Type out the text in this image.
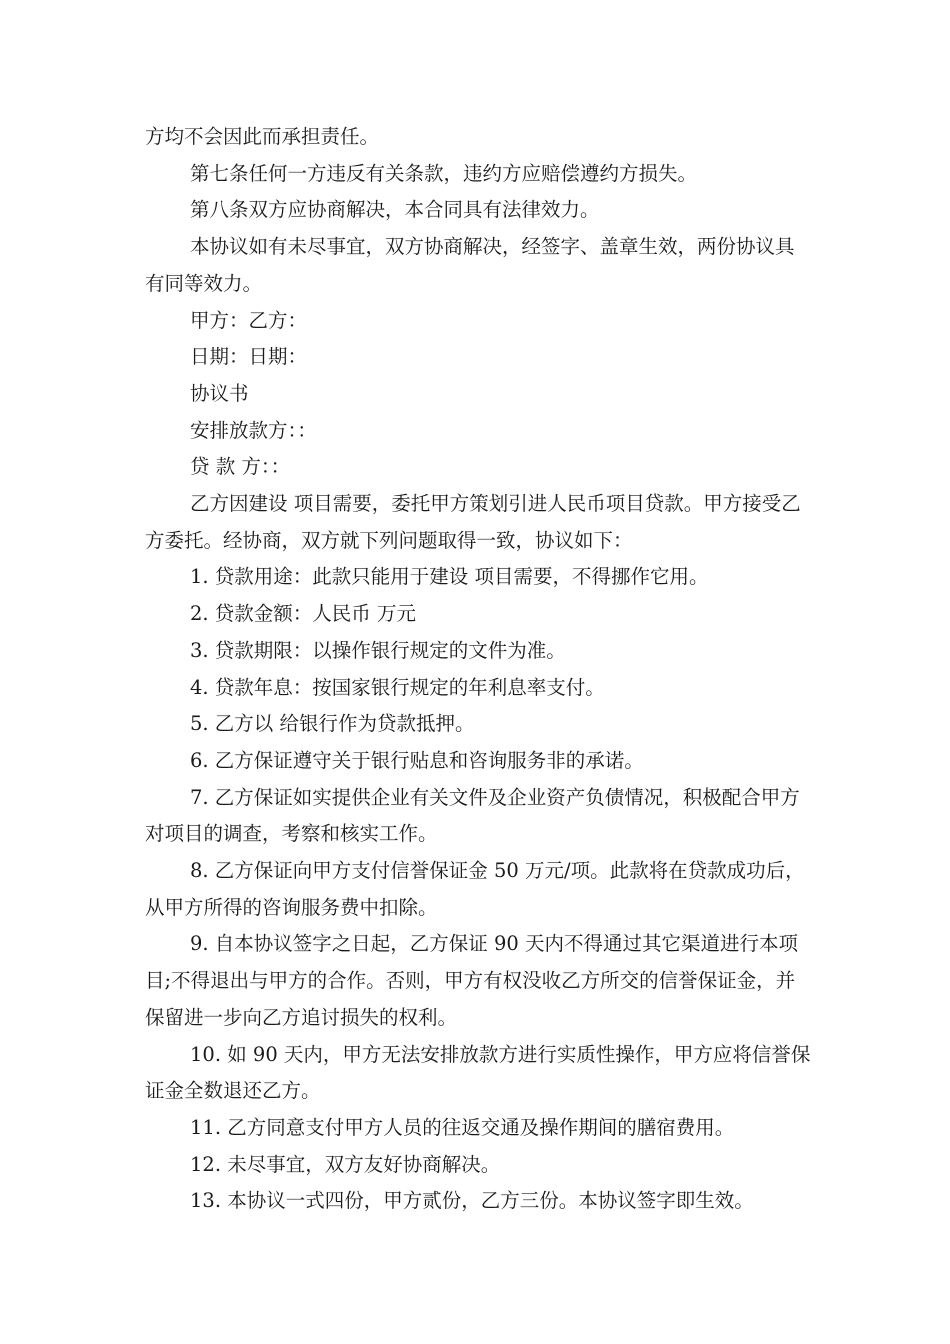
方均不会因此而承担责任。

第七条任何一方违反有关条款，违约方应赔偿遵约方损失。

第八条双方应协商解决，本合同具有法律效力。

本协议如有未尽事宜，双方协商解决，经签字、盖章生效，两份协议具有同等效力。

甲方：乙方：

日期：日期：

协议书

安排放款方：：

贷 款 方：：

乙方因建设 项目需要，委托甲方策划引进人民币项目贷款。甲方接受乙方委托。经协商，双方就下列问题取得一致，协议如下：

1. 贷款用途：此款只能用于建设 项目需要，不得挪作它用。

2. 贷款金额：人民币 万元

3. 贷款期限：以操作银行规定的文件为准。

4. 贷款年息：按国家银行规定的年利息率支付。

5. 乙方以 给银行作为贷款抵押。

6. 乙方保证遵守关于银行贴息和咨询服务非的承诺。

7. 乙方保证如实提供企业有关文件及企业资产负债情况，积极配合甲方对项目的调查，考察和核实工作。

8. 乙方保证向甲方支付信誉保证金 50 万元/项。此款将在贷款成功后，从甲方所得的咨询服务费中扣除。

9. 自本协议签字之日起，乙方保证 90 天内不得通过其它渠道进行本项目;不得退出与甲方的合作。否则，甲方有权没收乙方所交的信誉保证金，并保留进一步向乙方追讨损失的权利。

10. 如 90 天内，甲方无法安排放款方进行实质性操作，甲方应将信誉保证金全数退还乙方。

11. 乙方同意支付甲方人员的往返交通及操作期间的膳宿费用。

12. 未尽事宜，双方友好协商解决。

13. 本协议一式四份，甲方贰份，乙方三份。本协议签字即生效。
